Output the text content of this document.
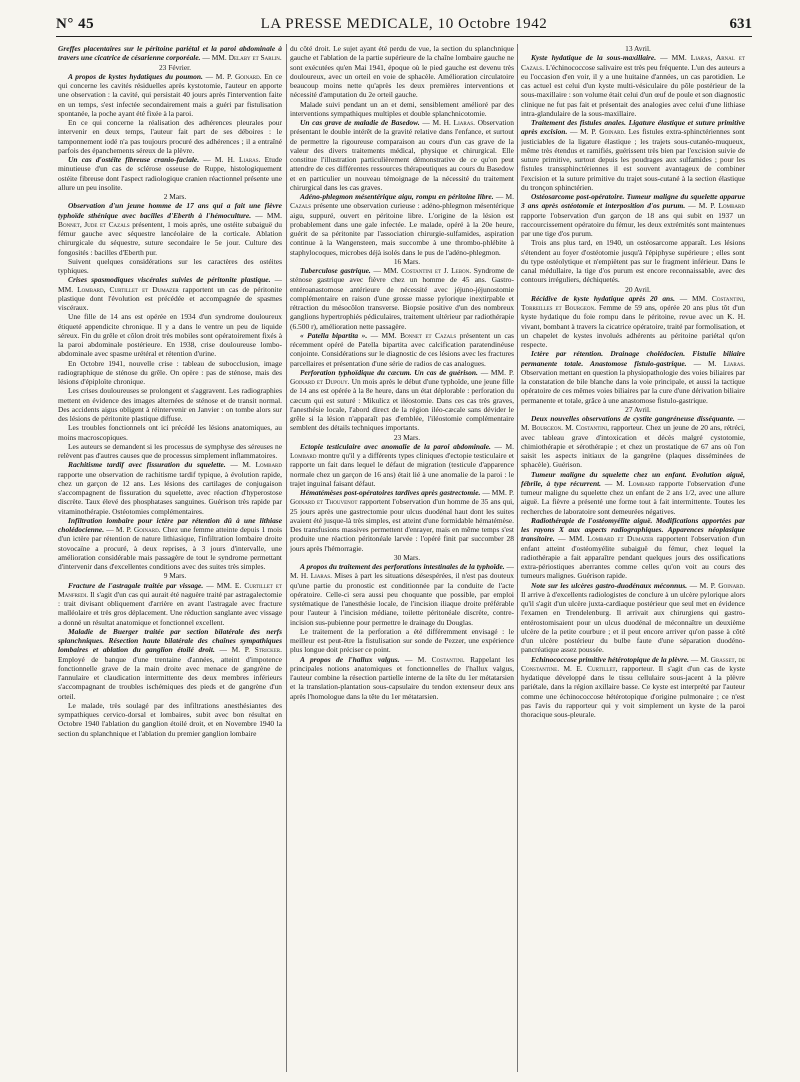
N° 45	LA PRESSE MEDICALE, 10 Octobre 1942	631

Greffes placentaires sur le péritoine pariétal et la paroi abdominale à travers une cicatrice de césarienne corporéale. — MM. Delaby et Sarlin.

23 Février.

A propos de kystes hydatiques du poumon. — M. P. Goinard. En ce qui concerne les cavités résiduelles après kystotomie, l'auteur en apporte une observation : la cavité, qui persistait 40 jours après l'intervention faite en un temps, s'est infectée secondairement mais a guéri par fistulisation spontanée, la poche ayant été fixée à la paroi.

En ce qui concerne la réalisation des adhérences pleurales pour intervenir en deux temps, l'auteur fait part de ses déboires : le tamponnement iodé n'a pas toujours procuré des adhérences ; il a entraîné parfois des épanchements séreux de la plèvre.

Un cas d'ostéite fibreuse cranio-faciale. — M. H. Liaras. Etude minutieuse d'un cas de sclérose osseuse de Ruppe, histologiquement ostéite fibreuse dont l'aspect radiologique cranien réactionnel présente une allure un peu insolite.

2 Mars.

Observation d'un jeune homme de 17 ans qui a fait une fièvre typhoïde sthénique avec bacilles d'Eberth à l'hémoculture. — MM. Bonnet, Jude et Cazals présentent, 1 mois après, une ostéite subaiguë du fémur gauche avec séquestre lancéolaire de la corticale. Ablation chirurgicale du séquestre, suture secondaire le 5e jour. Culture des fongosités : bacilles d'Eberth pur.

Suivent quelques considérations sur les caractères des ostéites typhiques.

Crises spasmodiques viscérales suivies de péritonite plastique. — MM. Lombard, Curtillet et Dumazer rapportent un cas de péritonite plastique dont l'évolution est précédée et accompagnée de spasmes viscéraux.

Une fille de 14 ans est opérée en 1934 d'un syndrome douloureux étiqueté appendicite chronique. Il y a dans le ventre un peu de liquide séreux. Fin du grêle et côlon droit très mobiles sont opératoirement fixés à la paroi abdominale postérieure. En 1938, crise douloureuse lombo-abdominale avec spasme urétéral et rétention d'urine.

En Octobre 1941, nouvelle crise : tableau de subocclusion, image radiographique de sténose du grêle. On opère : pas de sténose, mais des lésions d'épiploïte chronique.

Les crises douloureuses se prolongent et s'aggravent. Les radiographies mettent en évidence des images alternées de sténose et de transit normal. Des accidents aigus obligent à réintervenir en Janvier : on tombe alors sur des lésions de péritonite plastique diffuse.

Les troubles fonctionnels ont ici précédé les lésions anatomiques, au moins macroscopiques.

Les auteurs se demandent si les processus de symphyse des séreuses ne relèvent pas d'autres causes que de processus simplement inflammatoires.

Rachitisme tardif avec fissuration du squelette. — M. Lombard rapporte une observation de rachitisme tardif typique, à évolution rapide, chez un garçon de 12 ans. Les lésions des cartilages de conjugaison s'accompagnent de fissuration du squelette, avec réaction d'hyperostose discrète. Taux élevé des phosphatases sanguines. Guérison très rapide par vitaminothérapie. Ostéotomies complémentaires.

Infiltration lombaire pour ictère par rétention dû à une lithiase cholédocienne. — M. P. Goinard. Chez une femme atteinte depuis 1 mois d'un ictère par rétention de nature lithiasique, l'infiltration lombaire droite stovocaïne a procuré, à deux reprises, à 3 jours d'intervalle, une amélioration considérable mais passagère de tout le syndrome permettant d'intervenir dans d'excellentes conditions avec des suites très simples.

9 Mars.

Fracture de l'astragale traitée par vissage. — MM. E. Curtillet et Manfredi. Il s'agit d'un cas qui aurait été naguère traité par astragalectomie : trait divisant obliquement d'arrière en avant l'astragale avec fracture malléolaire et très gros déplacement. Une réduction sanglante avec vissage a donné un résultat anatomique et fonctionnel excellent.

Maladie de Buerger traitée par section bilatérale des nerfs splanchniques. Résection haute bilatérale des chaînes sympathiques lombaires et ablation du ganglion étoilé droit. — M. P. Stricker. Employé de banque d'une trentaine d'années, atteint d'impotence fonctionnelle grave de la main droite avec menace de gangrène de l'annulaire et claudication intermittente des deux membres inférieurs s'accompagnant de troubles ischémiques des pieds et de gangrène d'un orteil.

Le malade, très soulagé par des infiltrations anesthésiantes des sympathiques cervico-dorsal et lombaires, subit avec bon résultat en Octobre 1940 l'ablation du ganglion étoilé droit, et en Novembre 1940 la section du splanchnique et l'ablation du premier ganglion lombaire

du côté droit. Le sujet ayant été perdu de vue, la section du splanchnique gauche et l'ablation de la partie supérieure de la chaîne lombaire gauche ne sont exécutées qu'en Mai 1941, époque où le pied gauche est devenu très douloureux, avec un orteil en voie de sphacèle. Amélioration circulatoire beaucoup moins nette qu'après les deux premières interventions et nécessité d'amputation du 2e orteil gauche.

Malade suivi pendant un an et demi, sensiblement amélioré par des interventions sympathiques multiples et double splanchnicotomie.

Un cas grave de maladie de Basedow. — M. H. Liaras. Observation présentant le double intérêt de la gravité relative dans l'enfance, et surtout de permettre la rigoureuse comparaison au cours d'un cas grave de la valeur des divers traitements médical, physique et chirurgical. Elle constitue l'illustration particulièrement démonstrative de ce qu'on peut attendre de ces différentes ressources thérapeutiques au cours du Basedow et en particulier un nouveau témoignage de la nécessité du traitement chirurgical dans les cas graves.

Adéno-phlegmon mésentérique aigu, rompu en péritoine libre. — M. Cazals présente une observation curieuse : adéno-phlegmon mésentérique aigu, suppuré, ouvert en péritoine libre. L'origine de la lésion est probablement dans une gale infectée. Le malade, opéré à la 20e heure, guérit de sa péritonite par l'association chirurgie-sulfamides, aspiration continue à la Wangensteen, mais succombe à une thrombo-phlébite à staphylocoques, microbes déjà isolés dans le pus de l'adéno-phlegmon.

16 Mars.

Tuberculose gastrique. — MM. Costantini et J. Lebon. Syndrome de sténose gastrique avec fièvre chez un homme de 45 ans. Gastro-entéroanastomose antérieure de nécessité avec jéjuno-jéjunostomie complémentaire en raison d'une grosse masse pylorique inextirpable et rétraction du mésocôlon transverse. Biopsie positive d'un des nombreux ganglions hypertrophiés pédiculaires, traitement ultérieur par radiothérapie (6.500 r), amélioration nette passagère.

« Patella bipartita ». — MM. Bonnet et Cazals présentent un cas récemment opéré de Patella bipartita avec calcification paratendinéuse conjointe. Considérations sur le diagnostic de ces lésions avec les fractures parcellaires et présentation d'une série de radios de cas analogues.

Perforation typhoïdique du cæcum. Un cas de guérison. — MM. P. Goinard et Dupouy. Un mois après le début d'une typhoïde, une jeune fille de 14 ans est opérée à la 8e heure, dans un état déplorable : perforation du cæcum qui est suturé : Mikulicz et iléostomie. Dans ces cas très graves, l'anesthésie locale, l'abord direct de la région iléo-cæcale sans dévider le grêle si la lésion n'apparaît pas d'emblée, l'iléostomie complémentaire semblent des détails techniques importants.

23 Mars.

Ectopie testiculaire avec anomalie de la paroi abdominale. — M. Lombard montre qu'il y a différents types cliniques d'ectopie testiculaire et rapporte un fait dans lequel le défaut de migration (testicule d'apparence normale chez un garçon de 16 ans) était lié à une anomalie de la paroi : le trajet inguinal faisant défaut.

Hématémèses post-opératoires tardives après gastrectomie. — MM. P. Goinard et Thouvenot rapportent l'observation d'un homme de 35 ans qui, 25 jours après une gastrectomie pour ulcus duodénal haut dont les suites avaient été jusque-là très simples, est atteint d'une formidable hématémèse. Des transfusions massives permettent d'enrayer, mais en même temps s'est produite une réaction péritonéale larvée : l'opéré finit par succomber 28 jours après l'hémorragie.

30 Mars.

A propos du traitement des perforations intestinales de la typhoïde. — M. H. Liaras. Mises à part les situations désespérées, il n'est pas douteux qu'une partie du pronostic est conditionnée par la conduite de l'acte opératoire. Celle-ci sera aussi peu choquante que possible, par emploi systématique de l'anesthésie locale, de l'incision iliaque droite préférable pour l'auteur à l'incision médiane, toilette péritonéale discrète, contre-incision sus-pubienne pour permettre le drainage du Douglas.

Le traitement de la perforation a été différemment envisagé : le meilleur est peut-être la fistulisation sur sonde de Pezzer, une expérience plus longue doit préciser ce point.

A propos de l'hallux valgus. — M. Costantini. Rappelant les principales notions anatomiques et fonctionnelles de l'hallux valgus, l'auteur combine la résection partielle interne de la tête du 1er métatarsien et la translation-plantation sous-capsulaire du tendon extenseur deux ans après l'homologue dans la tête du 1er métatarsien.

13 Avril.

Kyste hydatique de la sous-maxillaire. — MM. Liaras, Arnal et Cazals. L'échinococcose salivaire est très peu fréquente. L'un des auteurs a eu l'occasion d'en voir, il y a une huitaine d'années, un cas parotidien. Le cas actuel est celui d'un kyste multi-vésiculaire du pôle postérieur de la sous-maxillaire : son volume était celui d'un œuf de poule et son diagnostic clinique ne fut pas fait et présentait des analogies avec celui d'une lithiase intra-glandulaire de la sous-maxillaire.

Traitement des fistules anales. Ligature élastique et suture primitive après excision. — M. P. Goinard. Les fistules extra-sphinctériennes sont justiciables de la ligature élastique ; les trajets sous-cutanéo-muqueux, même très étendus et ramifiés, guérissent très bien par l'excision suivie de suture primitive, surtout depuis les poudrages aux sulfamides ; pour les fistules transsphinctériennes il est souvent avantageux de combiner l'excision et la suture primitive du trajet sous-cutané à la section élastique du tronçon sphinctérien.

Ostéosarcome post-opératoire. Tumeur maligne du squelette apparue 3 ans après ostéotomie et interposition d'os purum. — M. P. Lombard rapporte l'observation d'un garçon de 18 ans qui subit en 1937 un raccourcissement opératoire du fémur, les deux extrémités sont maintenues par une tige d'os purum.

Trois ans plus tard, en 1940, un ostéosarcome apparaît. Les lésions s'étendent au foyer d'ostéotomie jusqu'à l'épiphyse supérieure ; elles sont du type ostéolytique et n'empiètent pas sur le fragment inférieur. Dans le canal médullaire, la tige d'os purum est encore reconnaissable, avec des contours irréguliers, déchiquetés.

20 Avril.

Récidive de kyste hydatique après 20 ans. — MM. Costantini, Torreilles et Bourgeon. Femme de 59 ans, opérée 20 ans plus tôt d'un kyste hydatique du foie rompu dans le péritoine, revue avec un K. H. vivant, bombant à travers la cicatrice opératoire, traité par formolisation, et un chapelet de kystes involués adhérents au péritoine pariétal qu'on respecte.

Ictère par rétention. Drainage cholédocien. Fistulie biliaire permanente totale. Anastomose fistulo-gastrique. — M. Liaras. Observation mettant en question la physiopathologie des voies biliaires par la constatation de bile blanche dans la voie principale, et aussi la tactique opératoire de ces mêmes voies biliaires par la cure d'une dérivation biliaire permanente et totale, grâce à une anastomose fistulo-gastrique.

27 Avril.

Deux nouvelles observations de cystite gangréneuse disséquante. — M. Bourgeon. M. Costantini, rapporteur. Chez un jeune de 20 ans, rétréci, avec tableau grave d'intoxication et décès malgré cystotomie, chimiothérapie et sérothérapie ; et chez un prostatique de 67 ans où l'on saisit les aspects initiaux de la gangrène (plaques disséminées de sphacèle). Guérison.

Tumeur maligne du squelette chez un enfant. Evolution aiguë, fébrile, à type récurrent. — M. Lombard rapporte l'observation d'une tumeur maligne du squelette chez un enfant de 2 ans 1/2, avec une allure aiguë. La fièvre a présenté une forme tout à fait intermittente. Toutes les recherches de laboratoire sont demeurées négatives.

Radiothérapie de l'ostéomyélite aiguë. Modifications apportées par les rayons X aux aspects radiographiques. Apparences néoplasique transitoire. — MM. Lombard et Dumazer rapportent l'observation d'un enfant atteint d'ostéomyélite subaiguë du fémur, chez lequel la radiothérapie a fait apparaître pendant quelques jours des ossifications extra-périostiques aberrantes comme celles qu'on voit au cours des tumeurs malignes. Guérison rapide.

Note sur les ulcères gastro-duodénaux méconnus. — M. P. Goinard. Il arrive à d'excellents radiologistes de conclure à un ulcère pylorique alors qu'il s'agit d'un ulcère juxta-cardiaque postérieur que seul met en évidence l'examen en Trendelenburg. Il arrivait aux chirurgiens qui gastro-entérostomisaient pour un ulcus duodénal de méconnaître un deuxième ulcère de la petite courbure ; et il peut encore arriver qu'on passe à côté d'un ulcère postérieur du bulbe faute d'une séparation duodéno-pancréatique assez poussée.

Echinococcose primitive hétérotopique de la plèvre. — M. Grasset, de Constantine. M. E. Curtillet, rapporteur. Il s'agit d'un cas de kyste hydatique développé dans le tissu cellulaire sous-jacent à la plèvre pariétale, dans la région axillaire basse. Ce kyste est interprété par l'auteur comme une échinococcose hétérotopique d'origine pulmonaire ; ce n'est pas l'avis du rapporteur qui y voit simplement un kyste de la paroi thoracique sous-pleurale.
